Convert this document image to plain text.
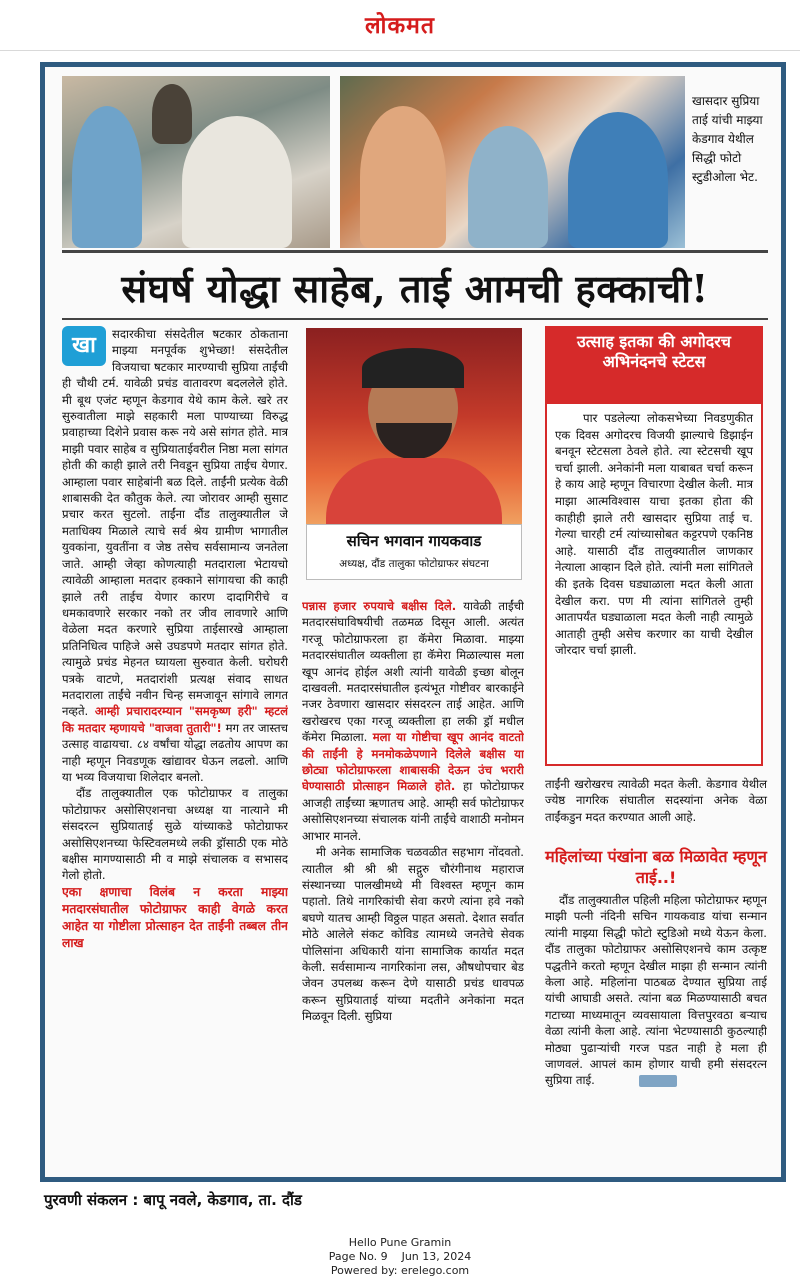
लोकमत
खासदार सुप्रिया ताई यांची माझ्या केडगाव येथील सिद्धी फोटो स्टुडीओला भेट.
संघर्ष योद्धा साहेब, ताई आमची हक्काची!
खा	सदारकीचा संसदेतील षटकार ठोकताना माझ्या मनपूर्वक शुभेच्छा! संसदेतील विजयाचा षटकार मारण्याची सुप्रिया ताईंची ही चौथी टर्म. यावेळी प्रचंड वातावरण बदललेले होते. मी बूथ एजंट म्हणून केडगाव येथे काम केले. खरे तर सुरुवातीला माझे सहकारी मला पाण्याच्या विरुद्ध प्रवाहाच्या दिशेने प्रवास करू नये असे सांगत होते. मात्र माझी पवार साहेब व सुप्रियाताईवरील निष्ठा मला सांगत होती की काही झाले तरी निवडून सुप्रिया ताईच येणार. आम्हाला पवार साहेबांनी बळ दिले. ताईंनी प्रत्येक वेळी शाबासकी देत कौतुक केले. त्या जोरावर आम्ही सुसाट प्रचार करत सुटलो. ताईंना दौंड तालुक्यातील जे मताधिक्य मिळाले त्याचे सर्व श्रेय ग्रामीण भागातील युवकांना, युवतींना व जेष्ठ तसेच सर्वसामान्य जनतेला जाते. आम्ही जेव्हा कोणत्याही मतदाराला भेटायचो त्यावेळी आम्हाला मतदार हक्काने सांगायचा की काही झाले तरी ताईच येणार कारण दादागिरीचे व धमकावणारे सरकार नको तर जीव लावणारे आणि वेळेला मदत करणारे सुप्रिया ताईसारखे आम्हाला प्रतिनिधित्व पाहिजे असे उघडपणे मतदार सांगत होते. त्यामुळे प्रचंड मेहनत घ्यायला सुरुवात केली. घरोघरी पत्रके वाटणे, मतदारांशी प्रत्यक्ष संवाद साधत मतदाराला ताईंचे नवीन चिन्ह समजावून सांगावे लागत नव्हते. आम्ही प्रचारादरम्यान "समकृष्ण हरी" म्हटलं कि मतदार म्हणायचे "वाजवा तुतारी"! मग तर जास्तच उत्साह वाढायचा. ८४ वर्षांचा योद्धा लढतोय आपण का नाही म्हणून निवडणूक खांद्यावर घेऊन लढलो. आणि या भव्य विजयाचा शिलेदार बनलो.
दौंड तालुक्यातील एक फोटोग्राफर व तालुका फोटोग्राफर असोसिएशनचा अध्यक्ष या नात्याने मी संसदरत्न सुप्रियाताई सुळे यांच्याकडे फोटोग्राफर असोसिएशनच्या फेस्टिवलमध्ये लकी ड्रॉसाठी एक मोठे बक्षीस मागण्यासाठी मी व माझे संचालक व सभासद गेलो होतो.
एका क्षणाचा विलंब न करता माझ्या मतदारसंघातील फोटोग्राफर काही वेगळे करत आहेत या गोष्टीला प्रोत्साहन देत ताईंनी तब्बल तीन लाख
सचिन भगवान गायकवाड
अध्यक्ष, दौंड तालुका फोटोग्राफर संघटना
पन्नास हजार रुपयाचे बक्षीस दिले. यावेळी ताईंची मतदारसंघाविषयीची तळमळ दिसून आली. अत्यंत गरजू फोटोग्राफरला हा कॅमेरा मिळावा. माझ्या मतदारसंघातील व्यक्तीला हा कॅमेरा मिळाल्यास मला खूप आनंद होईल अशी त्यांनी यावेळी इच्छा बोलून दाखवली. मतदारसंघातील इत्यंभूत गोष्टीवर बारकाईने नजर ठेवणारा खासदार संसदरत्न ताई आहेत. आणि खरोखरच एका गरजू व्यक्तीला हा लकी ड्रॉ मधील कॅमेरा मिळाला. मला या गोष्टीचा खूप आनंद वाटतो की ताईंनी हे मनमोकळेपणाने दिलेले बक्षीस या छोट्या फोटोग्राफरला शाबासकी देऊन उंच भरारी घेण्यासाठी प्रोत्साहन मिळाले होते. हा फोटोग्राफर आजही ताईंच्या ऋणातच आहे. आम्ही सर्व फोटोग्राफर असोसिएशनच्या संचालक यांनी ताईंचे वाशाठी मनोमन आभार मानले.
मी अनेक सामाजिक चळवळीत सहभाग नोंदवतो. त्यातील श्री श्री श्री सद्गुरु चौरंगीनाथ महाराज संस्थानच्या पालखीमध्ये मी विश्वस्त म्हणून काम पहातो. तिथे नागरिकांची सेवा करणे त्यांना हवे नको बघणे यातच आम्ही विठ्ठल पाहत असतो. देशात सर्वात मोठे आलेले संकट कोविड त्यामध्ये जनतेचे सेवक पोलिसांना अधिकारी यांना सामाजिक कार्यात मदत केली. सर्वसामान्य नागरिकांना लस, औषधोपचार बेड जेवन उपलब्ध करून देणे यासाठी प्रचंड धावपळ करून सुप्रियाताई यांच्या मदतीने अनेकांना मदत मिळवून दिली. सुप्रिया
उत्साह इतका की अगोदरच अभिनंदनचे स्टेटस
पार पडलेल्या लोकसभेच्या निवडणुकीत एक दिवस अगोदरच विजयी झाल्याचे डिझाईन बनवून स्टेटसला ठेवले होते. त्या स्टेटसची खूप चर्चा झाली. अनेकांनी मला याबाबत चर्चा करून हे काय आहे म्हणून विचारणा देखील केली. मात्र माझा आत्मविश्वास याचा इतका होता की काहीही झाले तरी खासदार सुप्रिया ताई च. गेल्या चारही टर्म त्यांच्यासोबत कट्टरपणे एकनिष्ठ आहे. यासाठी दौंड तालुक्यातील जाणकार नेत्याला आव्हान दिले होते. त्यांनी मला सांगितले की इतके दिवस घड्याळाला मदत केली आता देखील करा. पण मी त्यांना सांगितले तुम्ही आतापर्यंत घड्याळाला मदत केली नाही त्यामुळे आताही तुम्ही असेच करणार का याची देखील जोरदार चर्चा झाली.
ताईंनी खरोखरच त्यावेळी मदत केली. केडगाव येथील ज्येष्ठ नागरिक संघातील सदस्यांना अनेक वेळा ताईंकडुन मदत करण्यात आली आहे.
महिलांच्या पंखांना बळ मिळावेत म्हणून ताई..!
दौंड तालुक्यातील पहिली महिला फोटोग्राफर म्हणून माझी पत्नी नंदिनी सचिन गायकवाड यांचा सन्मान त्यांनी माझ्या सिद्धी फोटो स्टुडिओ मध्ये येऊन केला. दौंड तालुका फोटोग्राफर असोसिएशनचे काम उत्कृष्ट पद्धतीने करतो म्हणून देखील माझा ही सन्मान त्यांनी केला आहे. महिलांना पाठबळ देण्यात सुप्रिया ताई यांची आघाडी असते. त्यांना बळ मिळण्यासाठी बचत गटाच्या माध्यमातून व्यवसायाला वित्तपुरवठा बऱ्याच वेळा त्यांनी केला आहे. त्यांना भेटण्यासाठी कुठल्याही मोठ्या पुढाऱ्यांची गरज पडत नाही हे मला ही जाणवलं. आपलं काम होणार याची हमी संसदरत्न सुप्रिया ताई.
पुरवणी संकलन : बापू नवले, केडगाव, ता. दौंड
Hello Pune Gramin
Page No. 9    Jun 13, 2024
Powered by: erelego.com
